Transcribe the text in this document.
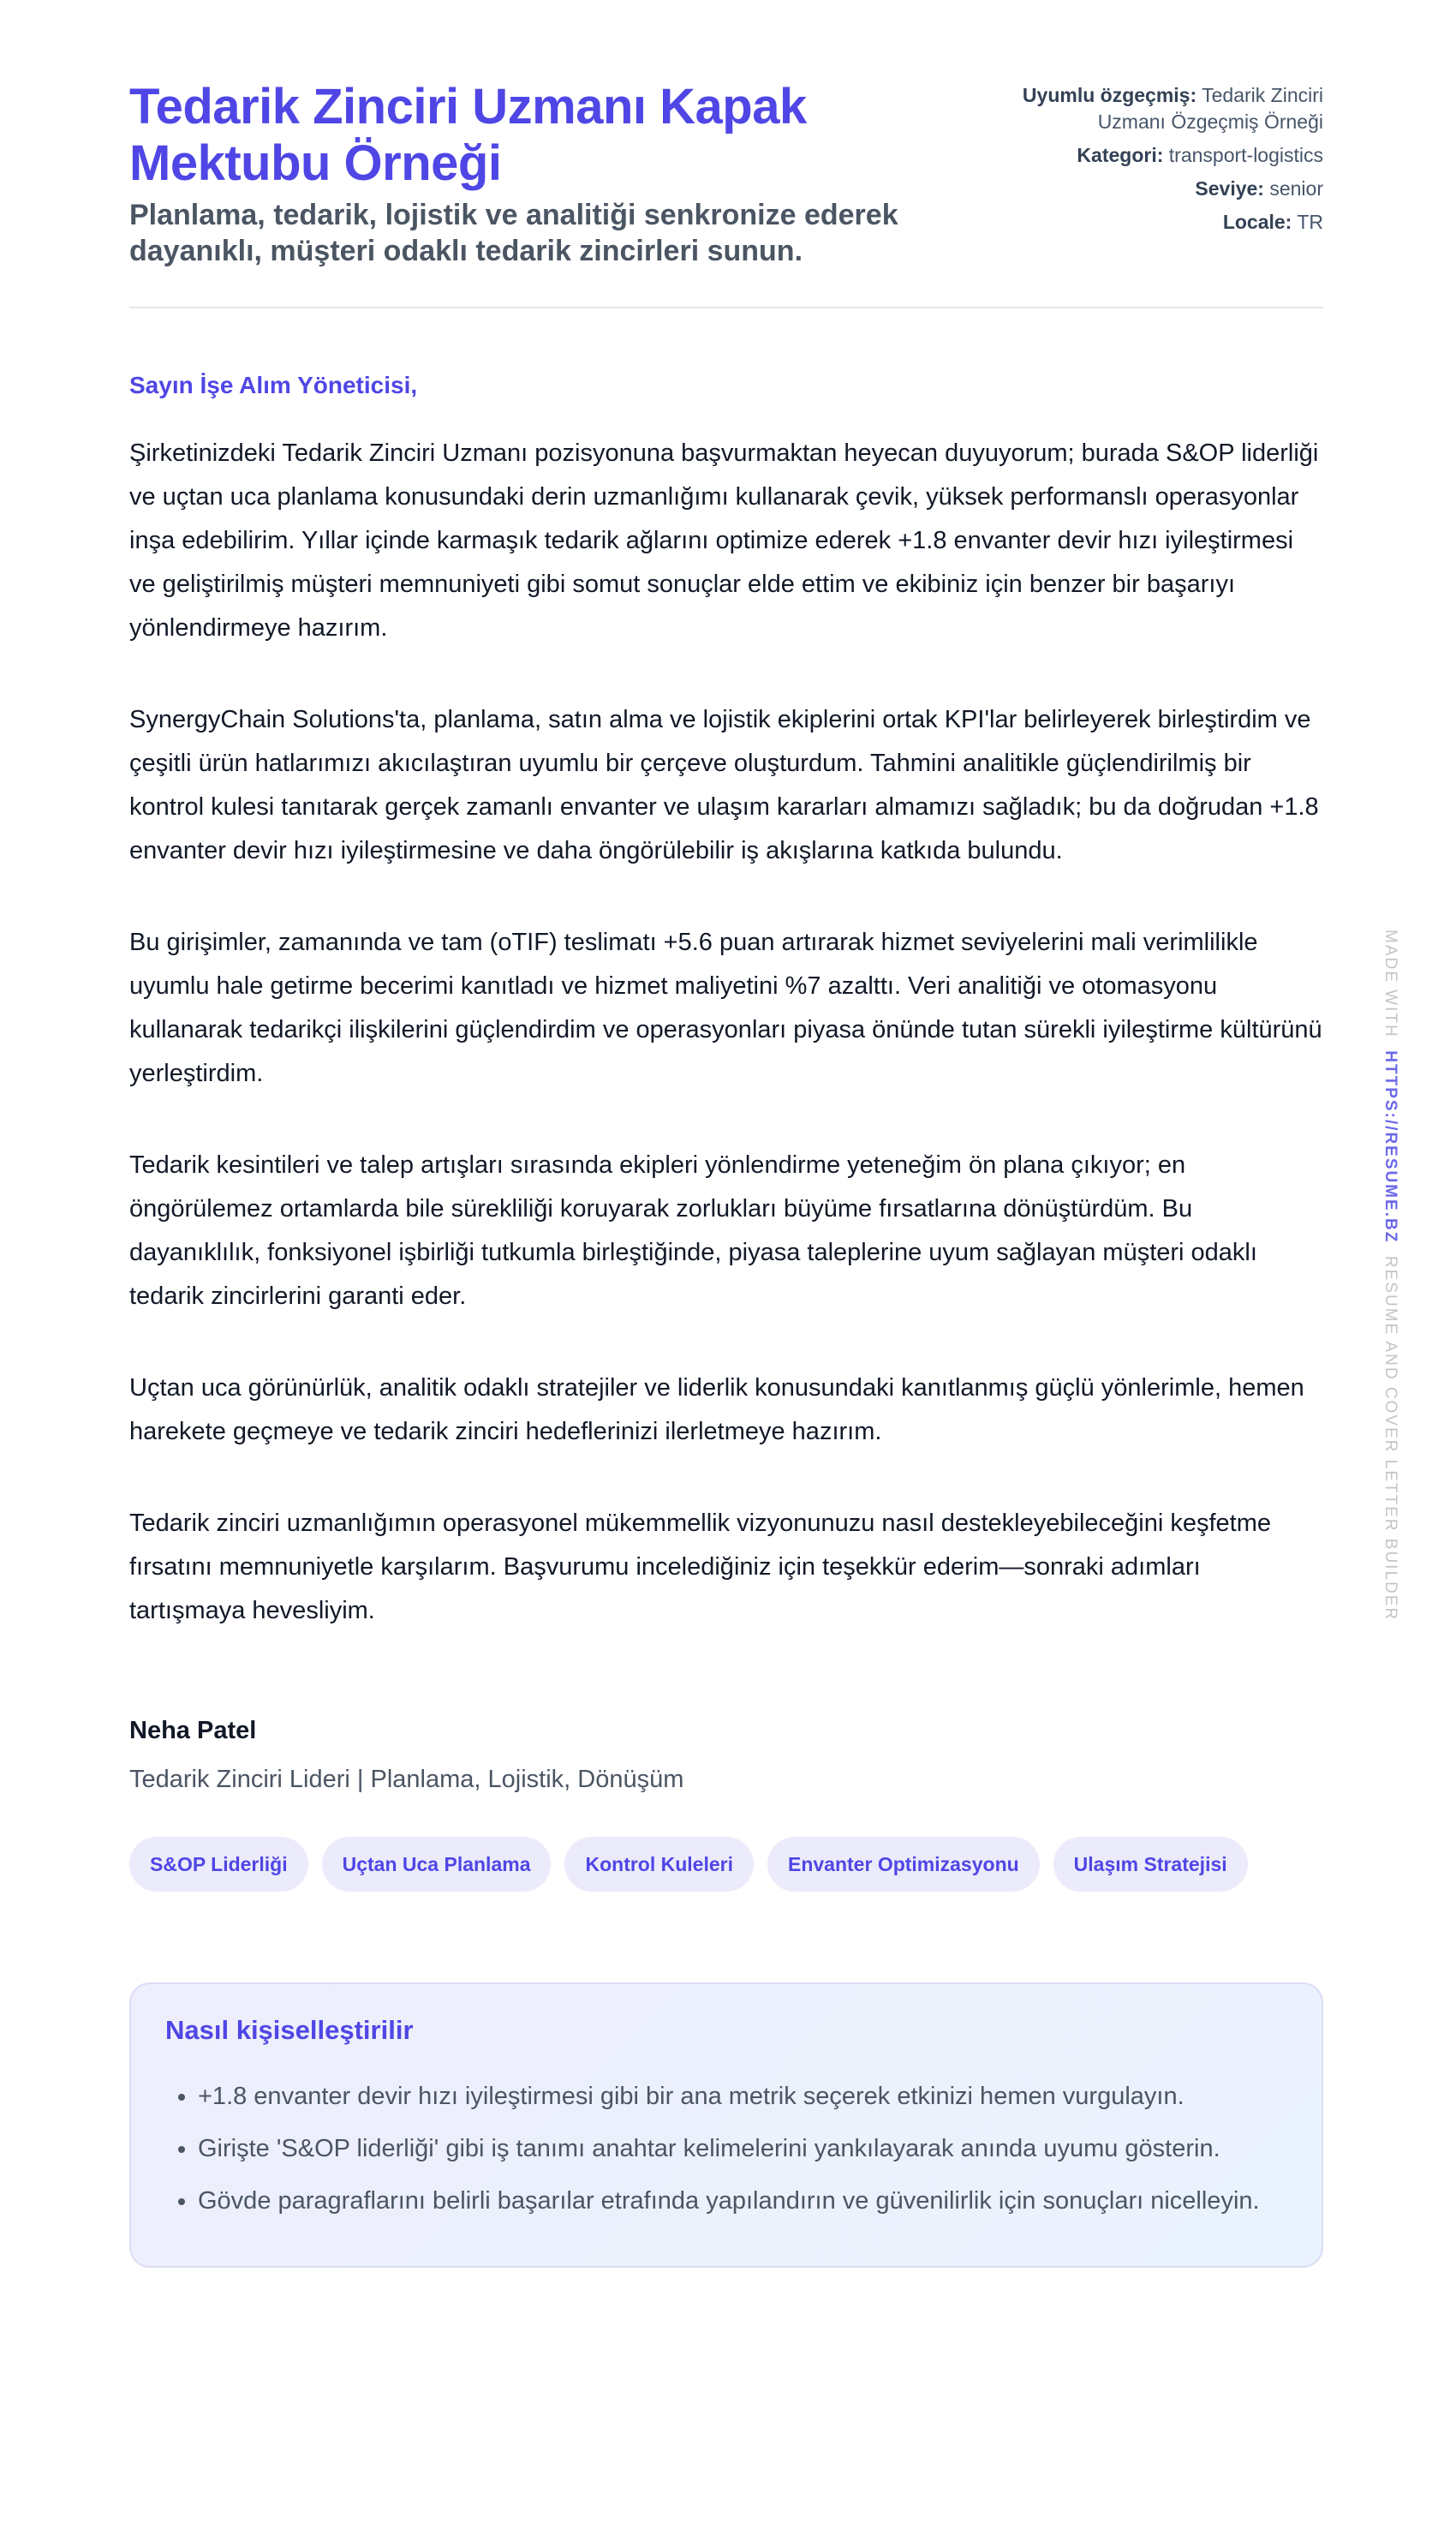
Tedarik Zinciri Uzmanı Kapak Mektubu Örneği
Planlama, tedarik, lojistik ve analitiği senkronize ederek dayanıklı, müşteri odaklı tedarik zincirleri sunun.
Uyumlu özgeçmiş: Tedarik Zinciri Uzmanı Özgeçmiş Örneği
Kategori: transport-logistics
Seviye: senior
Locale: TR
Sayın İşe Alım Yöneticisi,

Şirketinizdeki Tedarik Zinciri Uzmanı pozisyonuna başvurmaktan heyecan duyuyorum; burada S&OP liderliği ve uçtan uca planlama konusundaki derin uzmanlığımı kullanarak çevik, yüksek performanslı operasyonlar inşa edebilirim. Yıllar içinde karmaşık tedarik ağlarını optimize ederek +1.8 envanter devir hızı iyileştirmesi ve geliştirilmiş müşteri memnuniyeti gibi somut sonuçlar elde ettim ve ekibiniz için benzer bir başarıyı yönlendirmeye hazırım.

SynergyChain Solutions'ta, planlama, satın alma ve lojistik ekiplerini ortak KPI'lar belirleyerek birleştirdim ve çeşitli ürün hatlarımızı akıcılaştıran uyumlu bir çerçeve oluşturdum. Tahmini analitikle güçlendirilmiş bir kontrol kulesi tanıtarak gerçek zamanlı envanter ve ulaşım kararları almamızı sağladık; bu da doğrudan +1.8 envanter devir hızı iyileştirmesine ve daha öngörülebilir iş akışlarına katkıda bulundu.

Bu girişimler, zamanında ve tam (oTIF) teslimatı +5.6 puan artırarak hizmet seviyelerini mali verimlilikle uyumlu hale getirme becerimi kanıtladı ve hizmet maliyetini %7 azalttı. Veri analitiği ve otomasyonu kullanarak tedarikçi ilişkilerini güçlendirdim ve operasyonları piyasa önünde tutan sürekli iyileştirme kültürünü yerleştirdim.

Tedarik kesintileri ve talep artışları sırasında ekipleri yönlendirme yeteneğim ön plana çıkıyor; en öngörülemez ortamlarda bile sürekliliği koruyarak zorlukları büyüme fırsatlarına dönüştürdüm. Bu dayanıklılık, fonksiyonel işbirliği tutkumla birleştiğinde, piyasa taleplerine uyum sağlayan müşteri odaklı tedarik zincirlerini garanti eder.

Uçtan uca görünürlük, analitik odaklı stratejiler ve liderlik konusundaki kanıtlanmış güçlü yönlerimle, hemen harekete geçmeye ve tedarik zinciri hedeflerinizi ilerletmeye hazırım.

Tedarik zinciri uzmanlığımın operasyonel mükemmellik vizyonunuzu nasıl destekleyebileceğini keşfetme fırsatını memnuniyetle karşılarım. Başvurumu incelediğiniz için teşekkür ederim—sonraki adımları tartışmaya hevesliyim.

Neha Patel
Tedarik Zinciri Lideri | Planlama, Lojistik, Dönüşüm
S&OP Liderliği	Uçtan Uca Planlama	Kontrol Kuleleri	Envanter Optimizasyonu	Ulaşım Stratejisi
Nasıl kişiselleştirilir
• +1.8 envanter devir hızı iyileştirmesi gibi bir ana metrik seçerek etkinizi hemen vurgulayın.
• Girişte 'S&OP liderliği' gibi iş tanımı anahtar kelimelerini yankılayarak anında uyumu gösterin.
• Gövde paragraflarını belirli başarılar etrafında yapılandırın ve güvenilirlik için sonuçları nicelleyin.
MADE WITH  HTTPS://RESUME.BZ  RESUME AND COVER LETTER BUILDER
